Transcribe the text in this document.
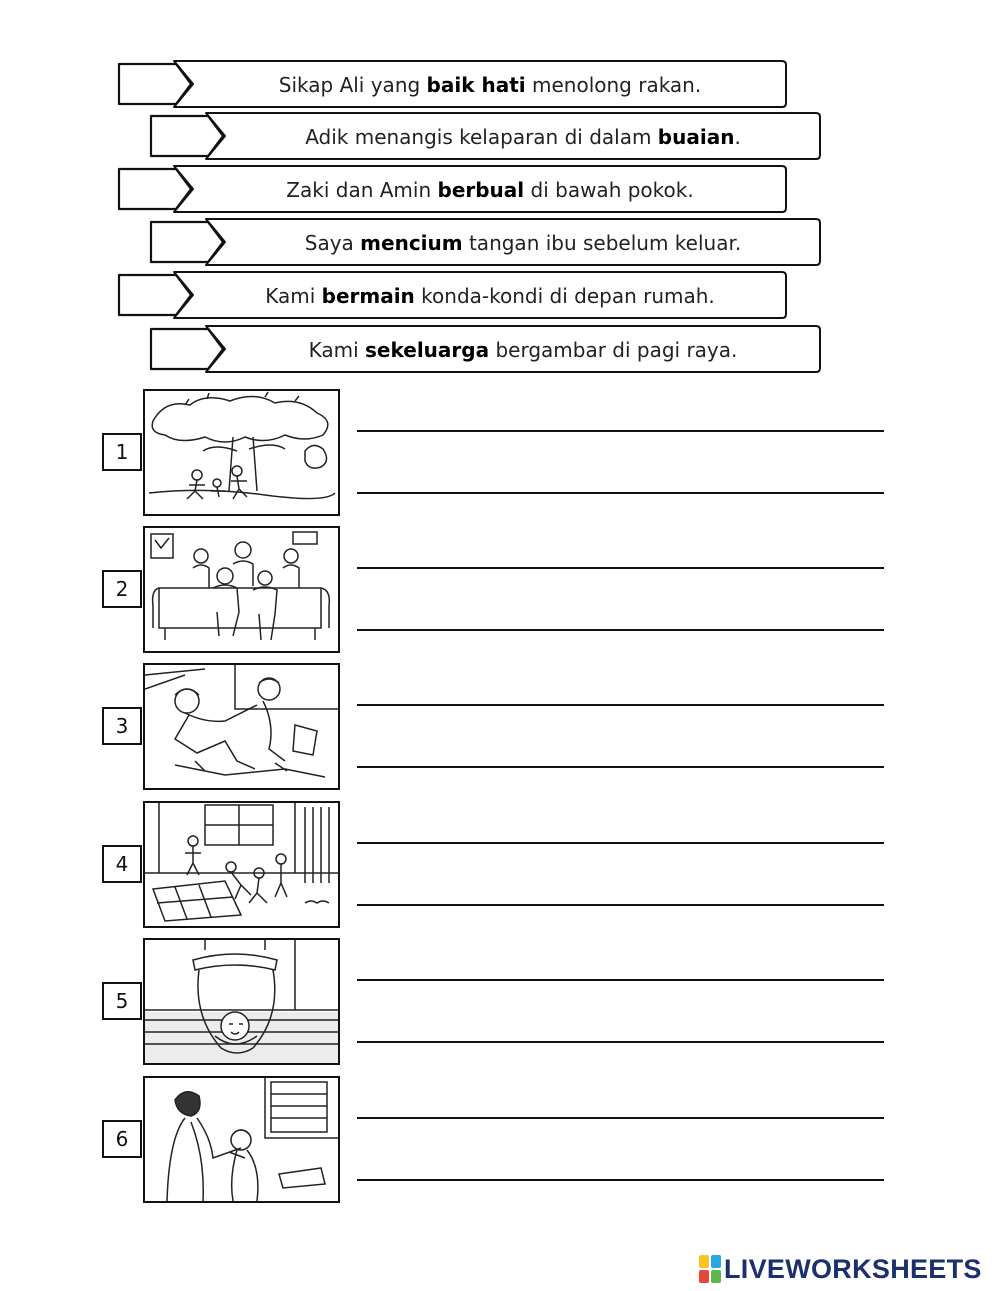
Sikap Ali yang baik hati menolong rakan.
Adik menangis kelaparan di dalam buaian.
Zaki dan Amin berbual di bawah pokok.
Saya mencium tangan ibu sebelum keluar.
Kami bermain konda-kondi di depan rumah.
Kami sekeluarga bergambar di pagi raya.
1
2
3
4
5
6
LIVEWORKSHEETS
